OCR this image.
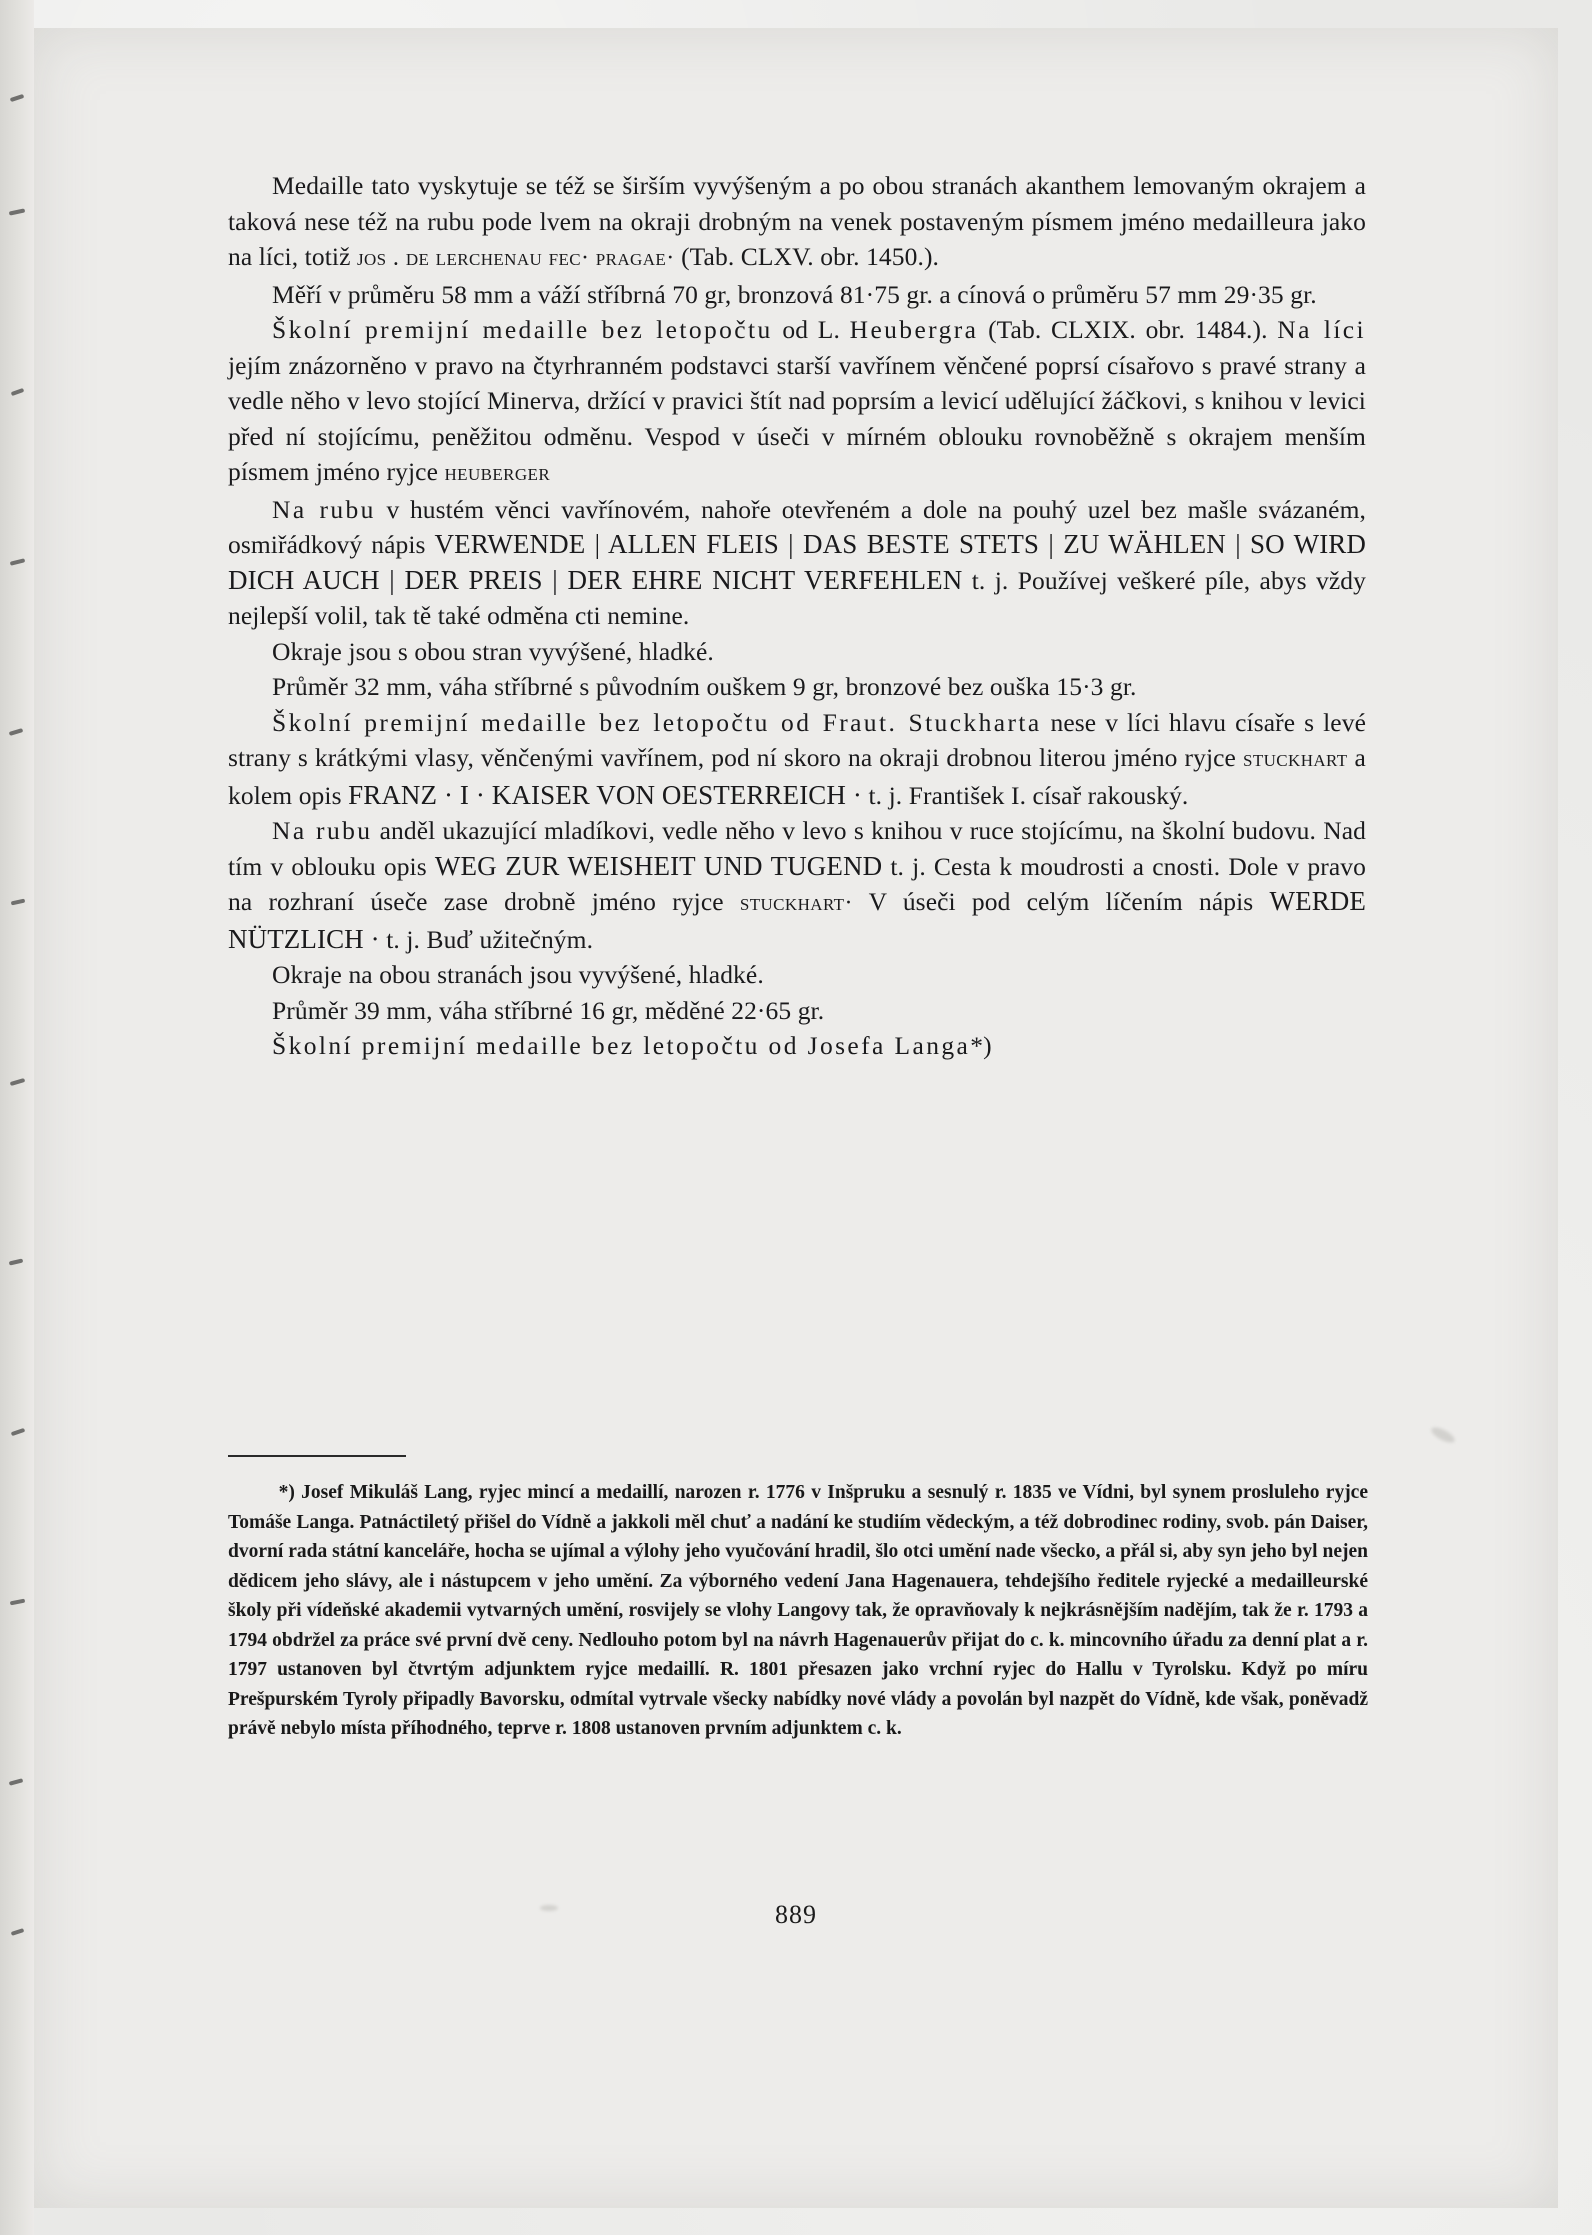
Medaille tato vyskytuje se též se širším vyvýšeným a po obou stranách akanthem lemovaným okrajem a taková nese též na rubu pode lvem na okraji drobným na venek postaveným písmem jméno medailleura jako na líci, totiž jos . de lerchenau fec· pragae· (Tab. CLXV. obr. 1450.).

Měří v průměru 58 mm a váží stříbrná 70 gr, bronzová 81·75 gr. a cínová o průměru 57 mm 29·35 gr.

Školní premijní medaille bez letopočtu od L. Heubergra (Tab. CLXIX. obr. 1484.). Na líci jejím znázorněno v pravo na čtyrhranném podstavci starší vavřínem věnčené poprsí císařovo s pravé strany a vedle něho v levo stojící Minerva, držící v pravici štít nad poprsím a levicí udělující žáčkovi, s knihou v levici před ní stojícímu, peněžitou odměnu. Vespod v úseči v mírném oblouku rovnoběžně s okrajem menším písmem jméno ryjce heuberger

Na rubu v hustém věnci vavřínovém, nahoře otevřeném a dole na pouhý uzel bez mašle svázaném, osmiřádkový nápis VERWENDE | ALLEN FLEIS | DAS BESTE STETS | ZU WÄHLEN | SO WIRD DICH AUCH | DER PREIS | DER EHRE NICHT VERFEHLEN t. j. Používej veškeré píle, abys vždy nejlepší volil, tak tě také odměna cti nemine.

Okraje jsou s obou stran vyvýšené, hladké.

Průměr 32 mm, váha stříbrné s původním ouškem 9 gr, bronzové bez ouška 15·3 gr.

Školní premijní medaille bez letopočtu od Fraut. Stuckharta nese v líci hlavu císaře s levé strany s krátkými vlasy, věnčenými vavřínem, pod ní skoro na okraji drobnou literou jméno ryjce stuckhart a kolem opis FRANZ · I · KAISER VON OESTERREICH · t. j. František I. císař rakouský.

Na rubu anděl ukazující mladíkovi, vedle něho v levo s knihou v ruce stojícímu, na školní budovu. Nad tím v oblouku opis WEG ZUR WEISHEIT UND TUGEND t. j. Cesta k moudrosti a cnosti. Dole v pravo na rozhraní úseče zase drobně jméno ryjce stuckhart· V úseči pod celým líčením nápis WERDE NÜTZLICH · t. j. Buď užitečným.

Okraje na obou stranách jsou vyvýšené, hladké.

Průměr 39 mm, váha stříbrné 16 gr, měděné 22·65 gr.

Školní premijní medaille bez letopočtu od Josefa Langa*)

*) Josef Mikuláš Lang, ryjec mincí a medaillí, narozen r. 1776 v Inšpruku a sesnulý r. 1835 ve Vídni, byl synem prosluleho ryjce Tomáše Langa. Patnáctiletý přišel do Vídně a jakkoli měl chuť a nadání ke studiím vědeckým, a též dobrodinec rodiny, svob. pán Daiser, dvorní rada státní kanceláře, hocha se ujímal a výlohy jeho vyučování hradil, šlo otci umění nade všecko, a přál si, aby syn jeho byl nejen dědicem jeho slávy, ale i nástupcem v jeho umění. Za výborného vedení Jana Hagenauera, tehdejšího ředitele ryjecké a medailleurské školy při vídeňské akademii vytvarných umění, rosvijely se vlohy Langovy tak, že opravňovaly k nejkrásnějším nadějím, tak že r. 1793 a 1794 obdržel za práce své první dvě ceny. Nedlouho potom byl na návrh Hagenauerův přijat do c. k. mincovního úřadu za denní plat a r. 1797 ustanoven byl čtvrtým adjunktem ryjce medaillí. R. 1801 přesazen jako vrchní ryjec do Hallu v Tyrolsku. Když po míru Prešpurském Tyroly připadly Bavorsku, odmítal vytrvale všecky nabídky nové vlády a povolán byl nazpět do Vídně, kde však, poněvadž právě nebylo místa příhodného, teprve r. 1808 ustanoven prvním adjunktem c. k.
889
